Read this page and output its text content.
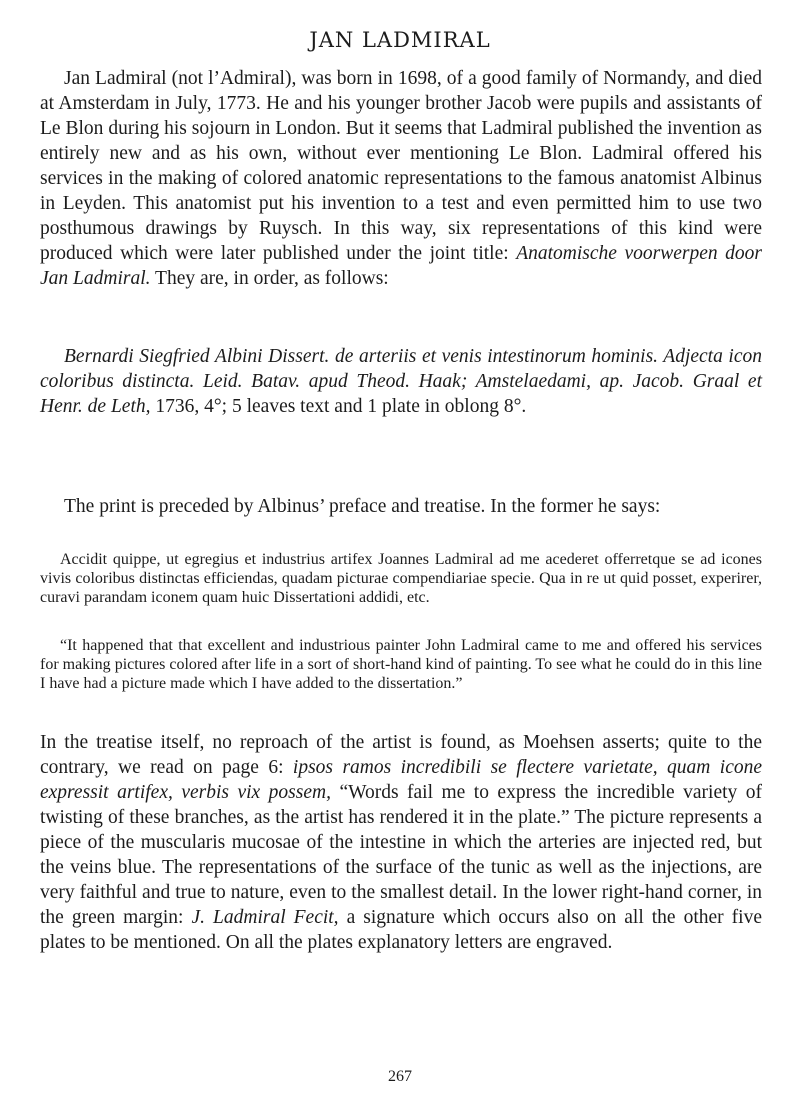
JAN LADMIRAL
Jan Ladmiral (not l’Admiral), was born in 1698, of a good family of Normandy, and died at Amsterdam in July, 1773. He and his younger brother Jacob were pupils and assistants of Le Blon during his sojourn in London. But it seems that Ladmiral published the invention as entirely new and as his own, without ever mentioning Le Blon. Ladmiral offered his services in the making of colored anatomic representations to the famous anatomist Albinus in Leyden. This anatomist put his invention to a test and even permitted him to use two posthumous drawings by Ruysch. In this way, six representations of this kind were produced which were later published under the joint title: Anatomische voorwerpen door Jan Ladmiral. They are, in order, as follows:
Bernardi Siegfried Albini Dissert. de arteriis et venis intestinorum hominis. Adjecta icon coloribus distincta. Leid. Batav. apud Theod. Haak; Amstelaedami, ap. Jacob. Graal et Henr. de Leth, 1736, 4°; 5 leaves text and 1 plate in oblong 8°.
The print is preceded by Albinus’ preface and treatise. In the former he says:
Accidit quippe, ut egregius et industrius artifex Joannes Ladmiral ad me acederet offerretque se ad icones vivis coloribus distinctas efficiendas, quadam picturae compendiariae specie. Qua in re ut quid posset, experirer, curavi parandam iconem quam huic Dissertationi addidi, etc.
“It happened that that excellent and industrious painter John Ladmiral came to me and offered his services for making pictures colored after life in a sort of short-hand kind of painting. To see what he could do in this line I have had a picture made which I have added to the dissertation.”
In the treatise itself, no reproach of the artist is found, as Moehsen asserts; quite to the contrary, we read on page 6: ipsos ramos incredibili se flectere varietate, quam icone expressit artifex, verbis vix possem, “Words fail me to express the incredible variety of twisting of these branches, as the artist has rendered it in the plate.” The picture represents a piece of the muscularis mucosae of the intestine in which the arteries are injected red, but the veins blue. The representations of the surface of the tunic as well as the injections, are very faithful and true to nature, even to the smallest detail. In the lower right-hand corner, in the green margin: J. Ladmiral Fecit, a signature which occurs also on all the other five plates to be mentioned. On all the plates explanatory letters are engraved.
267
